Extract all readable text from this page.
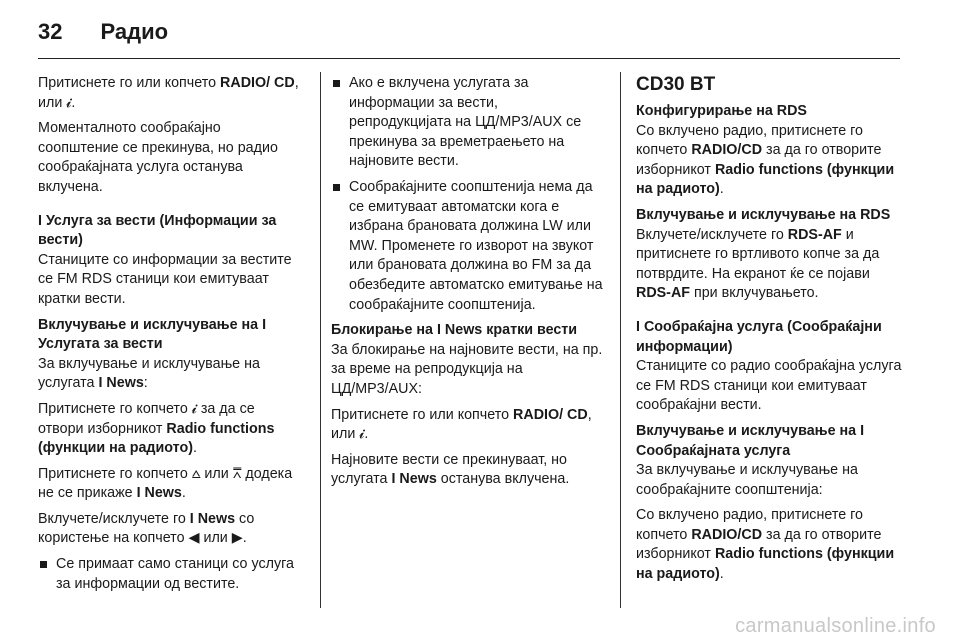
32 Радио

Притиснете го или копчето RADIO/ CD, или 𝓲.

Моменталното сообраќајно соопштение се прекинува, но радио сообраќајната услуга останува вклучена.

I Услуга за вести (Информации за вести)

Станиците со информации за вестите се FM RDS станици кои емитуваат кратки вести.

Вклучување и исклучување на I Услугата за вести

За вклучување и исклучување на услугата I News:

Притиснете го копчето 𝓲 за да се отвори изборникот Radio functions (функции на радиото).

Притиснете го копчето ⩟ или ⩞ додека не се прикаже I News.

Вклучете/исклучете го I News со користење на копчето ◀ или ▶.

Се примаат само станици со услуга за информации од вестите.
Ако е вклучена услугата за информации за вести, репродукцијата на ЦД/MP3/AUX се прекинува за времетраењето на најновите вести.
Сообраќајните соопштенија нема да се емитуваат автоматски кога е избрана брановата должина LW или MW. Променете го изворот на звукот или брановата должина во FM за да обезбедите автоматско емитување на сообраќајните соопштенија.

Блокирање на I News кратки вести

За блокирање на најновите вести, на пр. за време на репродукција на ЦД/MP3/AUX:

Притиснете го или копчето RADIO/ CD, или 𝓲.

Најновите вести се прекинуваат, но услугата I News останува вклучена.

CD30 BT

Конфигурирање на RDS

Со вклучено радио, притиснете го копчето RADIO/CD за да го отворите изборникот Radio functions (функции на радиото).

Вклучување и исклучување на RDS

Вклучете/исклучете го RDS-AF и притиснете го вртливото копче за да потврдите. На екранот ќе се појави RDS-AF при вклучувањето.

I Сообраќајна услуга (Сообраќајни информации)

Станиците со радио сообраќајна услуга се FM RDS станици кои емитуваат сообраќајни вести.

Вклучување и исклучување на I Сообраќајната услуга

За вклучување и исклучување на сообраќајните соопштенија:

Со вклучено радио, притиснете го копчето RADIO/CD за да го отворите изборникот Radio functions (функции на радиото).

carmanualsonline.info
